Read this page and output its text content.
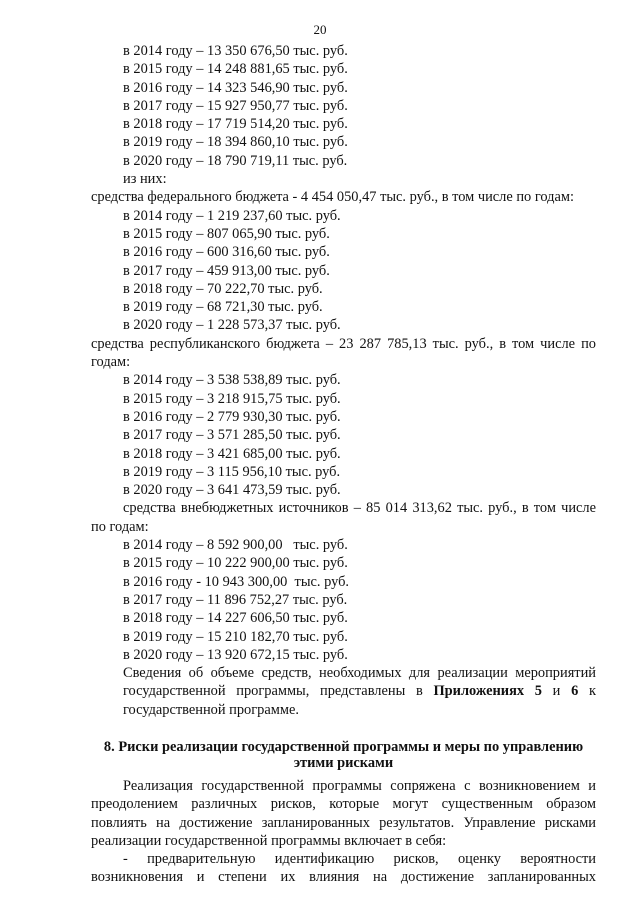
20
в 2014 году – 13 350 676,50 тыс. руб.
в 2015 году – 14 248 881,65 тыс. руб.
в 2016 году – 14 323 546,90 тыс. руб.
в 2017 году – 15 927 950,77 тыс. руб.
в 2018 году – 17 719 514,20 тыс. руб.
в 2019 году – 18 394 860,10 тыс. руб.
в 2020 году – 18 790 719,11 тыс. руб.
из них:
средства федерального бюджета - 4 454 050,47 тыс. руб., в том числе по годам:
в 2014 году – 1 219 237,60 тыс. руб.
в 2015 году – 807 065,90 тыс. руб.
в 2016 году – 600 316,60 тыс. руб.
в 2017 году – 459 913,00 тыс. руб.
в 2018 году – 70 222,70 тыс. руб.
в 2019 году – 68 721,30 тыс. руб.
в 2020 году – 1 228 573,37 тыс. руб.
средства республиканского бюджета – 23 287 785,13 тыс. руб., в том числе по
годам:
в 2014 году – 3 538 538,89 тыс. руб.
в 2015 году – 3 218 915,75 тыс. руб.
в 2016 году – 2 779 930,30 тыс. руб.
в 2017 году – 3 571 285,50 тыс. руб.
в 2018 году – 3 421 685,00 тыс. руб.
в 2019 году – 3 115 956,10 тыс. руб.
в 2020 году – 3 641 473,59 тыс. руб.
средства внебюджетных источников – 85 014 313,62 тыс. руб., в том числе
по годам:
в 2014 году – 8 592 900,00   тыс. руб.
в 2015 году – 10 222 900,00 тыс. руб.
в 2016 году - 10 943 300,00  тыс. руб.
в 2017 году – 11 896 752,27 тыс. руб.
в 2018 году – 14 227 606,50 тыс. руб.
в 2019 году – 15 210 182,70 тыс. руб.
в 2020 году – 13 920 672,15 тыс. руб.
Сведения об объеме средств, необходимых для реализации мероприятий
государственной программы, представлены в Приложениях 5 и 6 к
государственной программе.
8. Риски реализации государственной программы и меры по управлению
этими рисками
Реализация государственной программы сопряжена с возникновением и преодолением различных рисков, которые могут существенным образом повлиять на достижение запланированных результатов. Управление рисками реализации государственной программы включает в себя:
- предварительную идентификацию рисков, оценку вероятности
возникновения и степени их влияния на достижение запланированных
